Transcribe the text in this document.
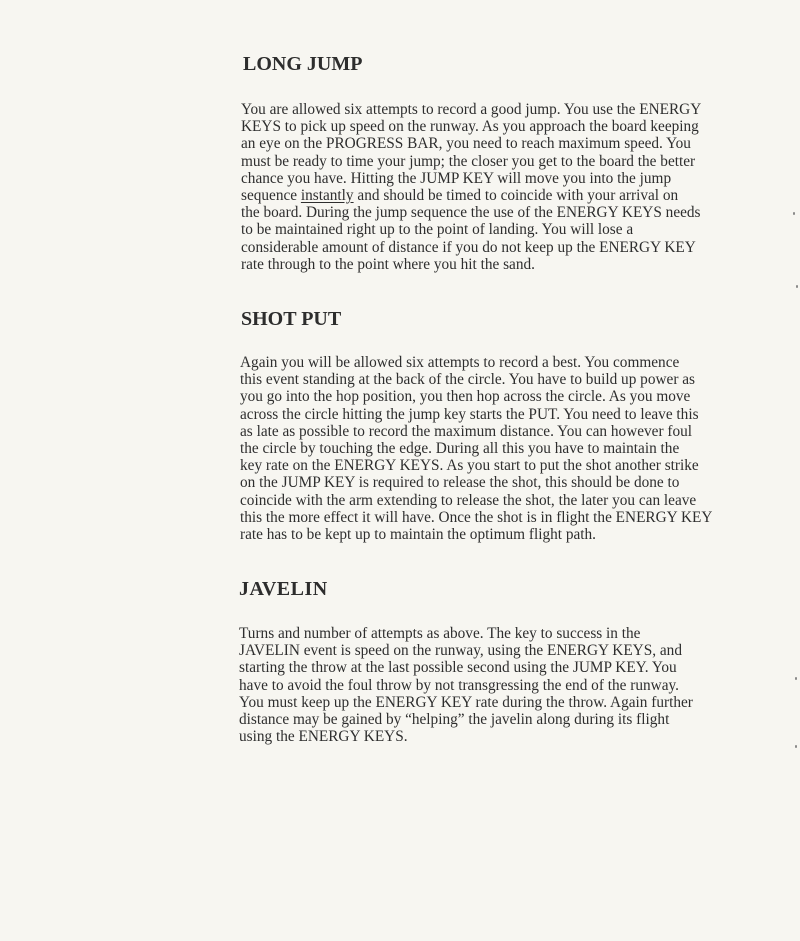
LONG JUMP

You are allowed six attempts to record a good jump. You use the ENERGY
KEYS to pick up speed on the runway. As you approach the board keeping
an eye on the PROGRESS BAR, you need to reach maximum speed. You
must be ready to time your jump; the closer you get to the board the better
chance you have. Hitting the JUMP KEY will move you into the jump
sequence instantly and should be timed to coincide with your arrival on
the board. During the jump sequence the use of the ENERGY KEYS needs
to be maintained right up to the point of landing. You will lose a
considerable amount of distance if you do not keep up the ENERGY KEY
rate through to the point where you hit the sand.

SHOT PUT

Again you will be allowed six attempts to record a best. You commence
this event standing at the back of the circle. You have to build up power as
you go into the hop position, you then hop across the circle. As you move
across the circle hitting the jump key starts the PUT. You need to leave this
as late as possible to record the maximum distance. You can however foul
the circle by touching the edge. During all this you have to maintain the
key rate on the ENERGY KEYS. As you start to put the shot another strike
on the JUMP KEY is required to release the shot, this should be done to
coincide with the arm extending to release the shot, the later you can leave
this the more effect it will have. Once the shot is in flight the ENERGY KEY
rate has to be kept up to maintain the optimum flight path.

JAVELIN

Turns and number of attempts as above. The key to success in the
JAVELIN event is speed on the runway, using the ENERGY KEYS, and
starting the throw at the last possible second using the JUMP KEY. You
have to avoid the foul throw by not transgressing the end of the runway.
You must keep up the ENERGY KEY rate during the throw. Again further
distance may be gained by “helping” the javelin along during its flight
using the ENERGY KEYS.
